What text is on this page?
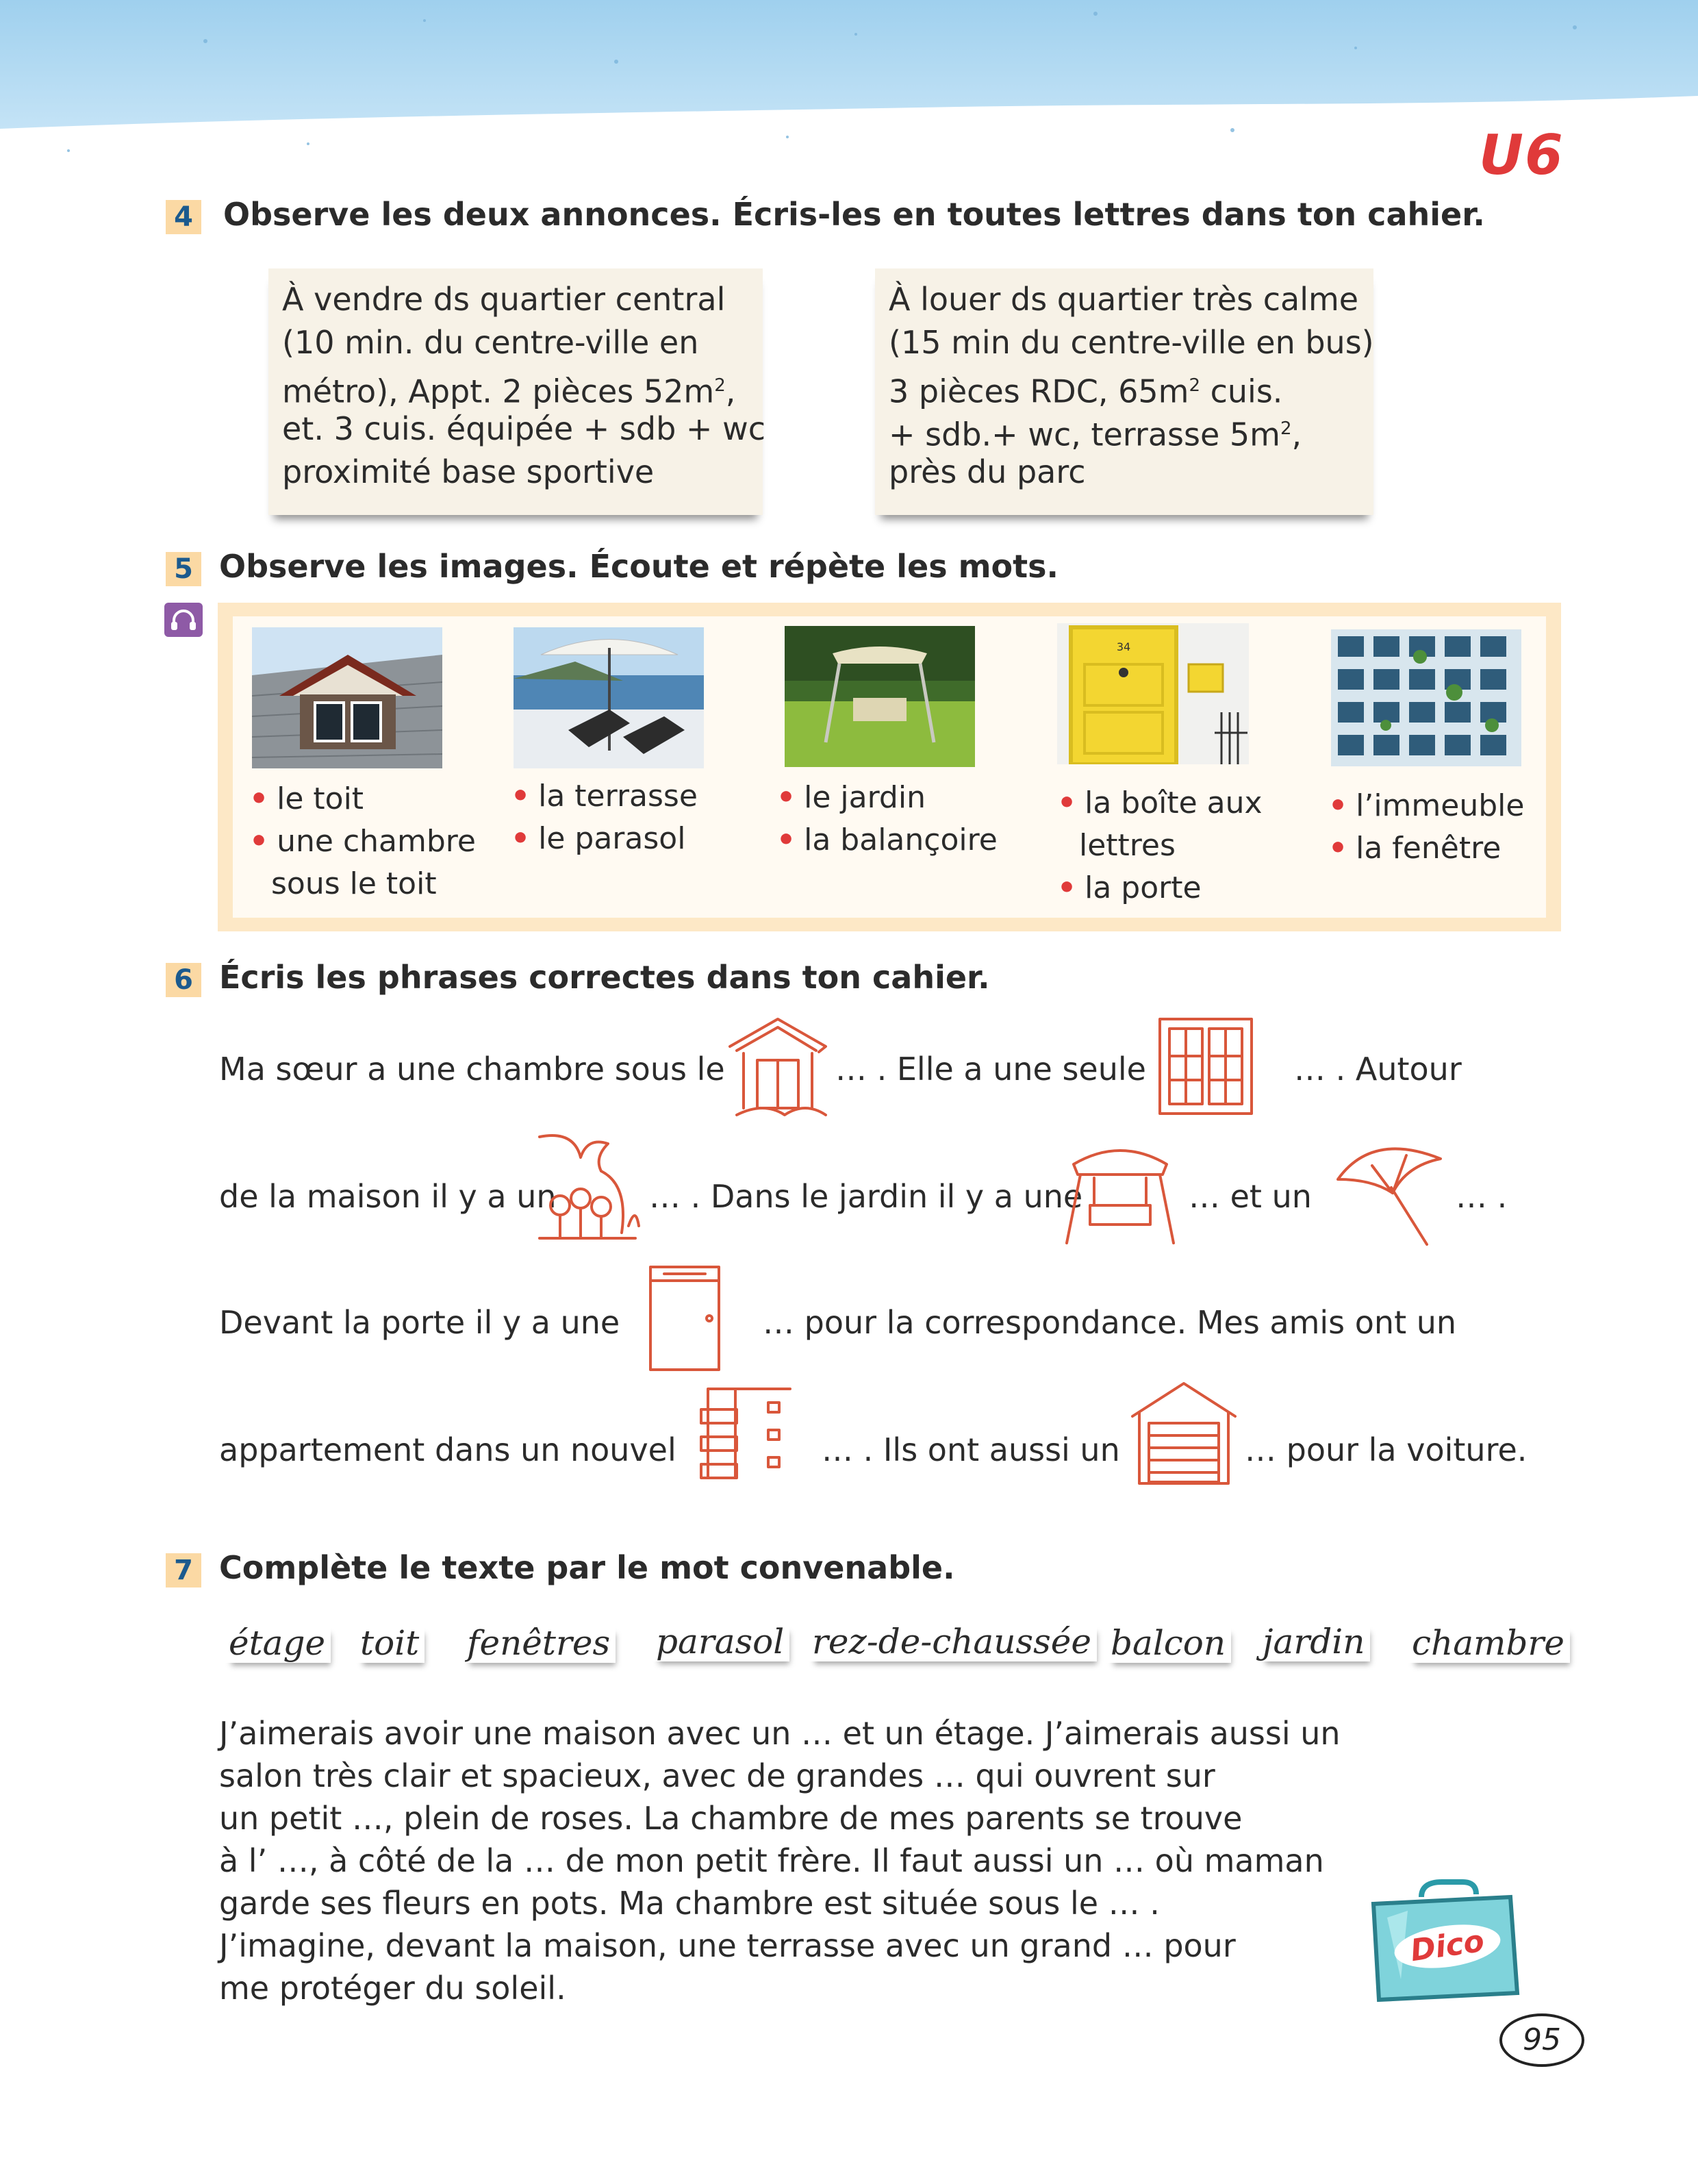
U6
4 Observe les deux annonces. Écris-les en toutes lettres dans ton cahier.
À vendre ds quartier central
(10 min. du centre-ville en
métro), Appt. 2 pièces $52m^2$,
et. 3 cuis. équipée + sdb + wc
proximité base sportive
À louer ds quartier très calme
(15 min du centre-ville en bus)
3 pièces RDC, $65m^2$ cuis.
+ sdb.+ wc, terrasse $5m^2$,
près du parc
5 Observe les images. Écoute et répète les mots.
34
• le toit
• une chambre
sous le toit
• la terrasse
• le parasol
• le jardin
• la balançoire
• la boîte aux
lettres
• la porte
• l’immeuble
• la fenêtre
6 Écris les phrases correctes dans ton cahier.
Ma sœur a une chambre sous le	… . Elle a une seule	… . Autour
de la maison il y a un	… . Dans le jardin il y a une	… et un	… .
Devant la porte il y a une	… pour la correspondance. Mes amis ont un
appartement dans un nouvel	… . Ils ont aussi un	… pour la voiture.
7 Complète le texte par le mot convenable.
étage toit fenêtres parasol rez-de-chaussée balcon jardin chambre
J’aimerais avoir une maison avec un … et un étage. J’aimerais aussi un
salon très clair et spacieux, avec de grandes … qui ouvrent sur
un petit …, plein de roses. La chambre de mes parents se trouve
à l’ …, à côté de la … de mon petit frère. Il faut aussi un … où maman
garde ses fleurs en pots. Ma chambre est située sous le … .
J’imagine, devant la maison, une terrasse avec un grand … pour
me protéger du soleil.
Dico
95
